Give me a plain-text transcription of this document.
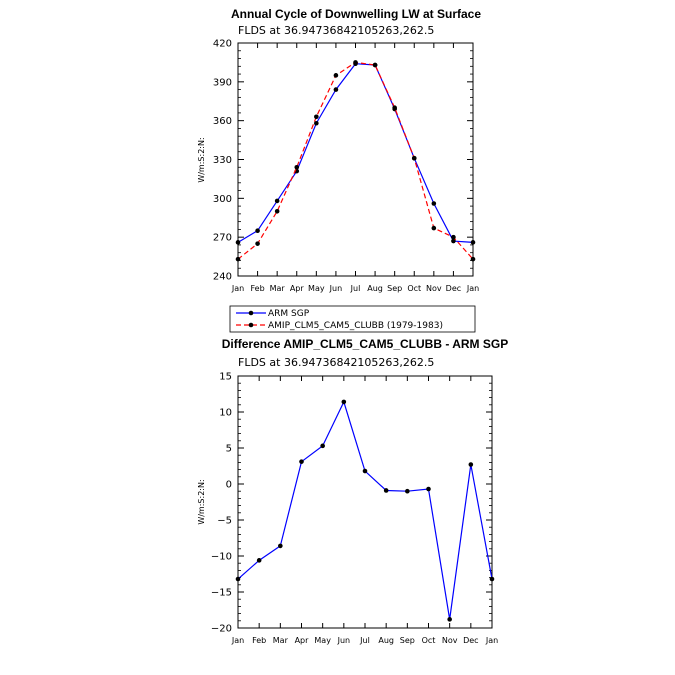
Annual Cycle of Downwelling LW at Surface
FLDS at 36.94736842105263,262.5
Jan Feb Mar Apr May Jun Jul Aug Sep Oct Nov Dec Jan
240
270
300
330
360
390
420
W/m:S:2:N:
ARM SGP
AMIP_CLM5_CAM5_CLUBB (1979-1983)
Difference AMIP_CLM5_CAM5_CLUBB - ARM SGP
FLDS at 36.94736842105263,262.5
Jan Feb Mar Apr May Jun Jul Aug Sep Oct Nov Dec Jan
−20
−15
−10
−5
0
5
10
15
W/m:S:2:N:
